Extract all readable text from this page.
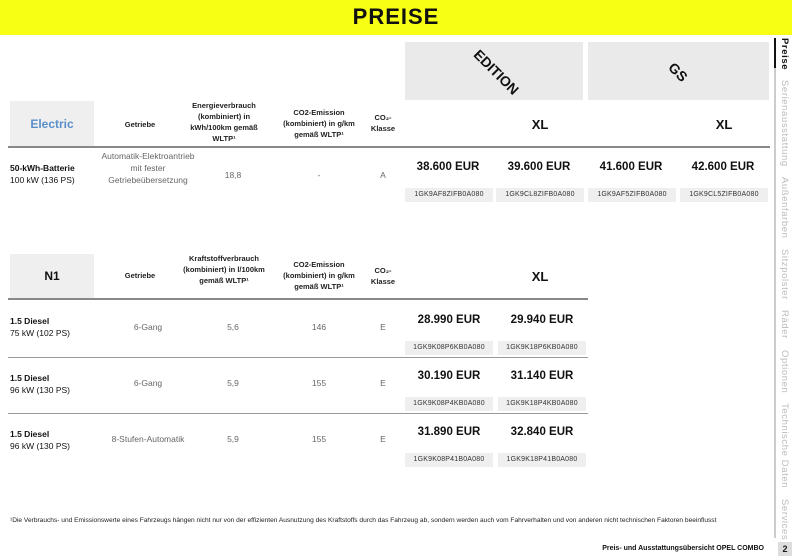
PREISE
EDITION	GS
Electric	Getriebe
Energieverbrauch (kombiniert) in kWh/100km gemäß WLTP¹
CO2-Emission (kombiniert) in g/km gemäß WLTP¹
CO₂-Klasse	XL	XL
50-kWh-Batterie
100 kW (136 PS)
Automatik-Elektroantrieb mit fester Getriebeübersetzung	18,8	-	A
38.600 EUR	39.600 EUR	41.600 EUR	42.600 EUR
1GK9AF8ZIFB0A080	1GK9CL8ZIFB0A080	1GK9AF5ZIFB0A080	1GK9CL5ZIFB0A080
N1	Getriebe
Kraftstoffverbrauch (kombiniert) in l/100km gemäß WLTP¹
CO2-Emission (kombiniert) in g/km gemäß WLTP¹
CO₂-Klasse	XL
1.5 Diesel
75 kW (102 PS)
6-Gang	5,6	146	E
28.990 EUR	29.940 EUR
1GK9K08P6KB0A080	1GK9K18P6KB0A080
1.5 Diesel
96 kW (130 PS)
6-Gang	5,9	155	E
30.190 EUR	31.140 EUR
1GK9K08P4KB0A080	1GK9K18P4KB0A080
1.5 Diesel
96 kW (130 PS)
8-Stufen-Automatik	5,9	155	E
31.890 EUR	32.840 EUR
1GK9K08P41B0A080	1GK9K18P41B0A080
Preise Serienausstattung Außenfarben Sitzpolster Räder Optionen Technische Daten Services
¹Die Verbrauchs- und Emissionswerte eines Fahrzeugs hängen nicht nur von der effizienten Ausnutzung des Kraftstoffs durch das Fahrzeug ab, sondern werden auch vom Fahrverhalten und von anderen nicht technischen Faktoren beeinflusst
Preis- und Ausstattungsübersicht OPEL COMBO	2
